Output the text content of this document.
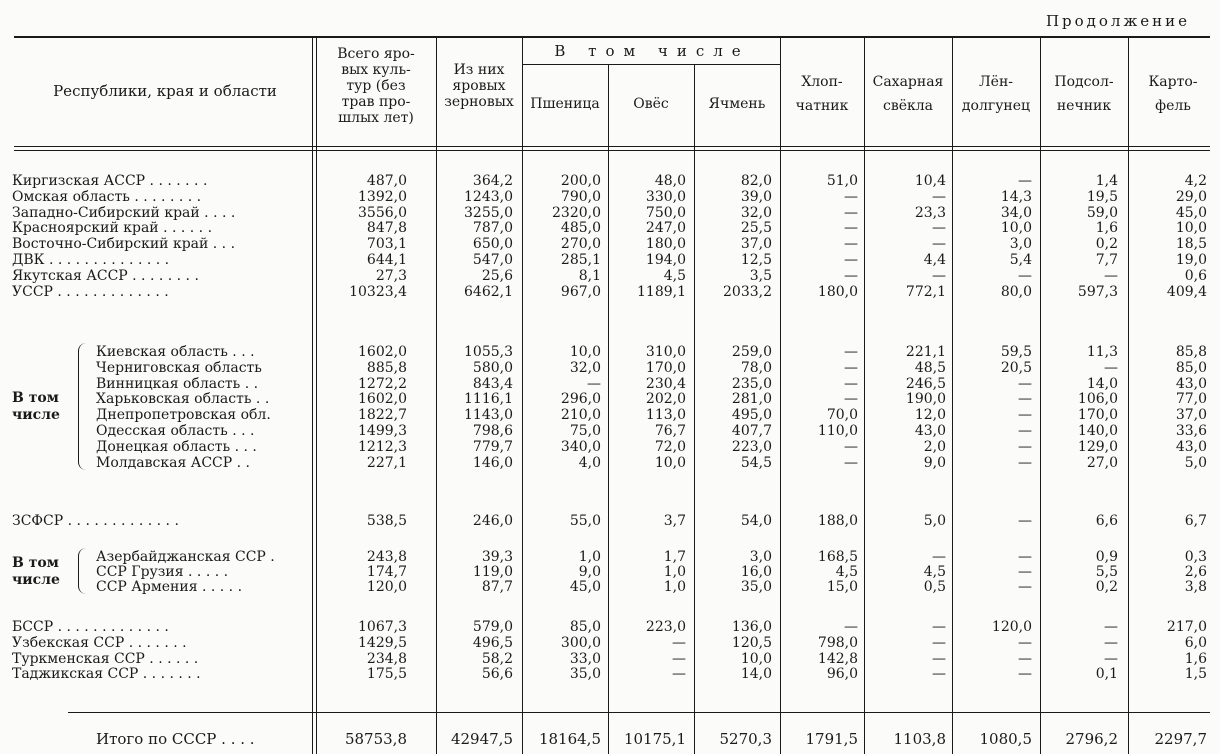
Продолжение
Республики, края и области
Всего яро-
вых куль-
тур (без
трав про-
шлых лет)
Из них
яровых
зерновых
В том числе
Пшеница	Овёс	Ячмень
Хлоп-
чатник
Сахарная
свёкла
Лён-
долгунец
Подсол-
нечник
Карто-
фель
Киргизская АССР . . . . . . .	487,0	364,2	200,0	48,0	82,0	51,0	10,4	—	1,4	4,2
Омская область . . . . . . . .	1392,0	1243,0	790,0	330,0	39,0	—	—	14,3	19,5	29,0
Западно-Сибирский край . . . .	3556,0	3255,0	2320,0	750,0	32,0	—	23,3	34,0	59,0	45,0
Красноярский край . . . . . .	847,8	787,0	485,0	247,0	25,5	—	—	10,0	1,6	10,0
Восточно-Сибирский край . . .	703,1	650,0	270,0	180,0	37,0	—	—	3,0	0,2	18,5
ДВК . . . . . . . . . . . . . .	644,1	547,0	285,1	194,0	12,5	—	4,4	5,4	7,7	19,0
Якутская АССР . . . . . . . .	27,3	25,6	8,1	4,5	3,5	—	—	—	—	0,6
УССР . . . . . . . . . . . . .	10323,4	6462,1	967,0	1189,1	2033,2	180,0	772,1	80,0	597,3	409,4
Киевская область . . .	1602,0	1055,3	10,0	310,0	259,0	—	221,1	59,5	11,3	85,8
Черниговская область	885,8	580,0	32,0	170,0	78,0	—	48,5	20,5	—	85,0
Винницкая область . .	1272,2	843,4	—	230,4	235,0	—	246,5	—	14,0	43,0
Харьковская область . .	1602,0	1116,1	296,0	202,0	281,0	—	190,0	—	106,0	77,0
Днепропетровская обл.	1822,7	1143,0	210,0	113,0	495,0	70,0	12,0	—	170,0	37,0
Одесская область . . .	1499,3	798,6	75,0	76,7	407,7	110,0	43,0	—	140,0	33,6
Донецкая область . . .	1212,3	779,7	340,0	72,0	223,0	—	2,0	—	129,0	43,0
Молдавская АССР . .	227,1	146,0	4,0	10,0	54,5	—	9,0	—	27,0	5,0
В том
числе
ЗСФСР . . . . . . . . . . . . .	538,5	246,0	55,0	3,7	54,0	188,0	5,0	—	6,6	6,7
Азербайджанская ССР .	243,8	39,3	1,0	1,7	3,0	168,5	—	—	0,9	0,3
ССР Грузия . . . . .	174,7	119,0	9,0	1,0	16,0	4,5	4,5	—	5,5	2,6
ССР Армения . . . . .	120,0	87,7	45,0	1,0	35,0	15,0	0,5	—	0,2	3,8
В том
числе
БССР . . . . . . . . . . . . .	1067,3	579,0	85,0	223,0	136,0	—	—	120,0	—	217,0
Узбекская ССР . . . . . . .	1429,5	496,5	300,0	—	120,5	798,0	—	—	—	6,0
Туркменская ССР . . . . . .	234,8	58,2	33,0	—	10,0	142,8	—	—	—	1,6
Таджикская ССР . . . . . . .	175,5	56,6	35,0	—	14,0	96,0	—	—	0,1	1,5
Итого по СССР . . . .	58753,8	42947,5	18164,5	10175,1	5270,3	1791,5	1103,8	1080,5	2796,2	2297,7
